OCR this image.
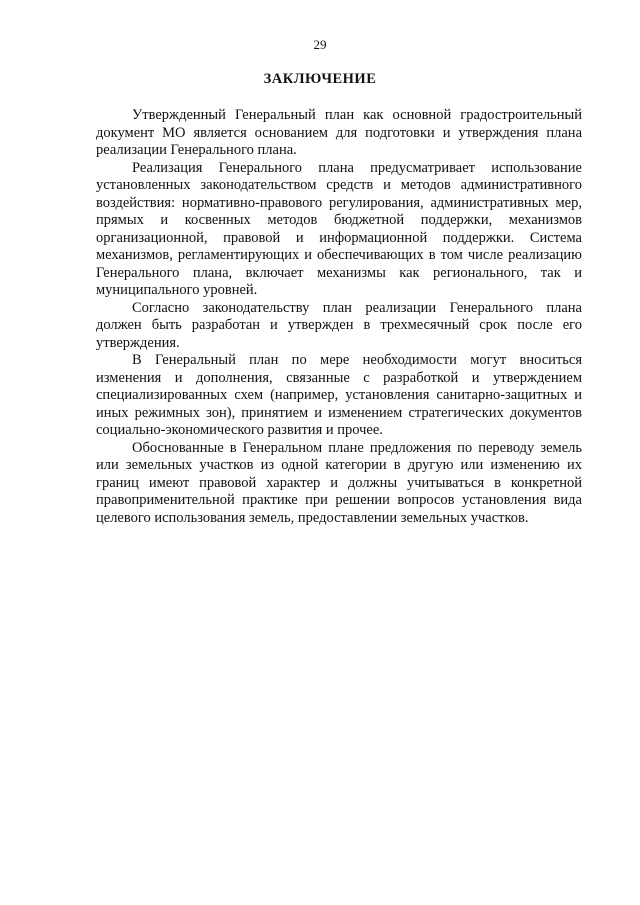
29
ЗАКЛЮЧЕНИЕ

Утвержденный Генеральный план как основной градостроительный документ МО является основанием для подготовки и утверждения плана реализации Генерального плана.

Реализация Генерального плана предусматривает использование установленных законодательством средств и методов административного воздействия: нормативно-правового регулирования, административных мер, прямых и косвенных методов бюджетной поддержки, механизмов организационной, правовой и информационной поддержки. Система механизмов, регламентирующих и обеспечивающих в том числе реализацию Генерального плана, включает механизмы как регионального, так и муниципального уровней.

Согласно законодательству план реализации Генерального плана должен быть разработан и утвержден в трехмесячный срок после его утверждения.

В Генеральный план по мере необходимости могут вноситься изменения и дополнения, связанные с разработкой и утверждением специализированных схем (например, установления санитарно-защитных и иных режимных зон), принятием и изменением стратегических документов социально-экономического развития и прочее.

Обоснованные в Генеральном плане предложения по переводу земель или земельных участков из одной категории в другую или изменению их границ имеют правовой характер и должны учитываться в конкретной правоприменительной практике при решении вопросов установления вида целевого использования земель, предоставлении земельных участков.
